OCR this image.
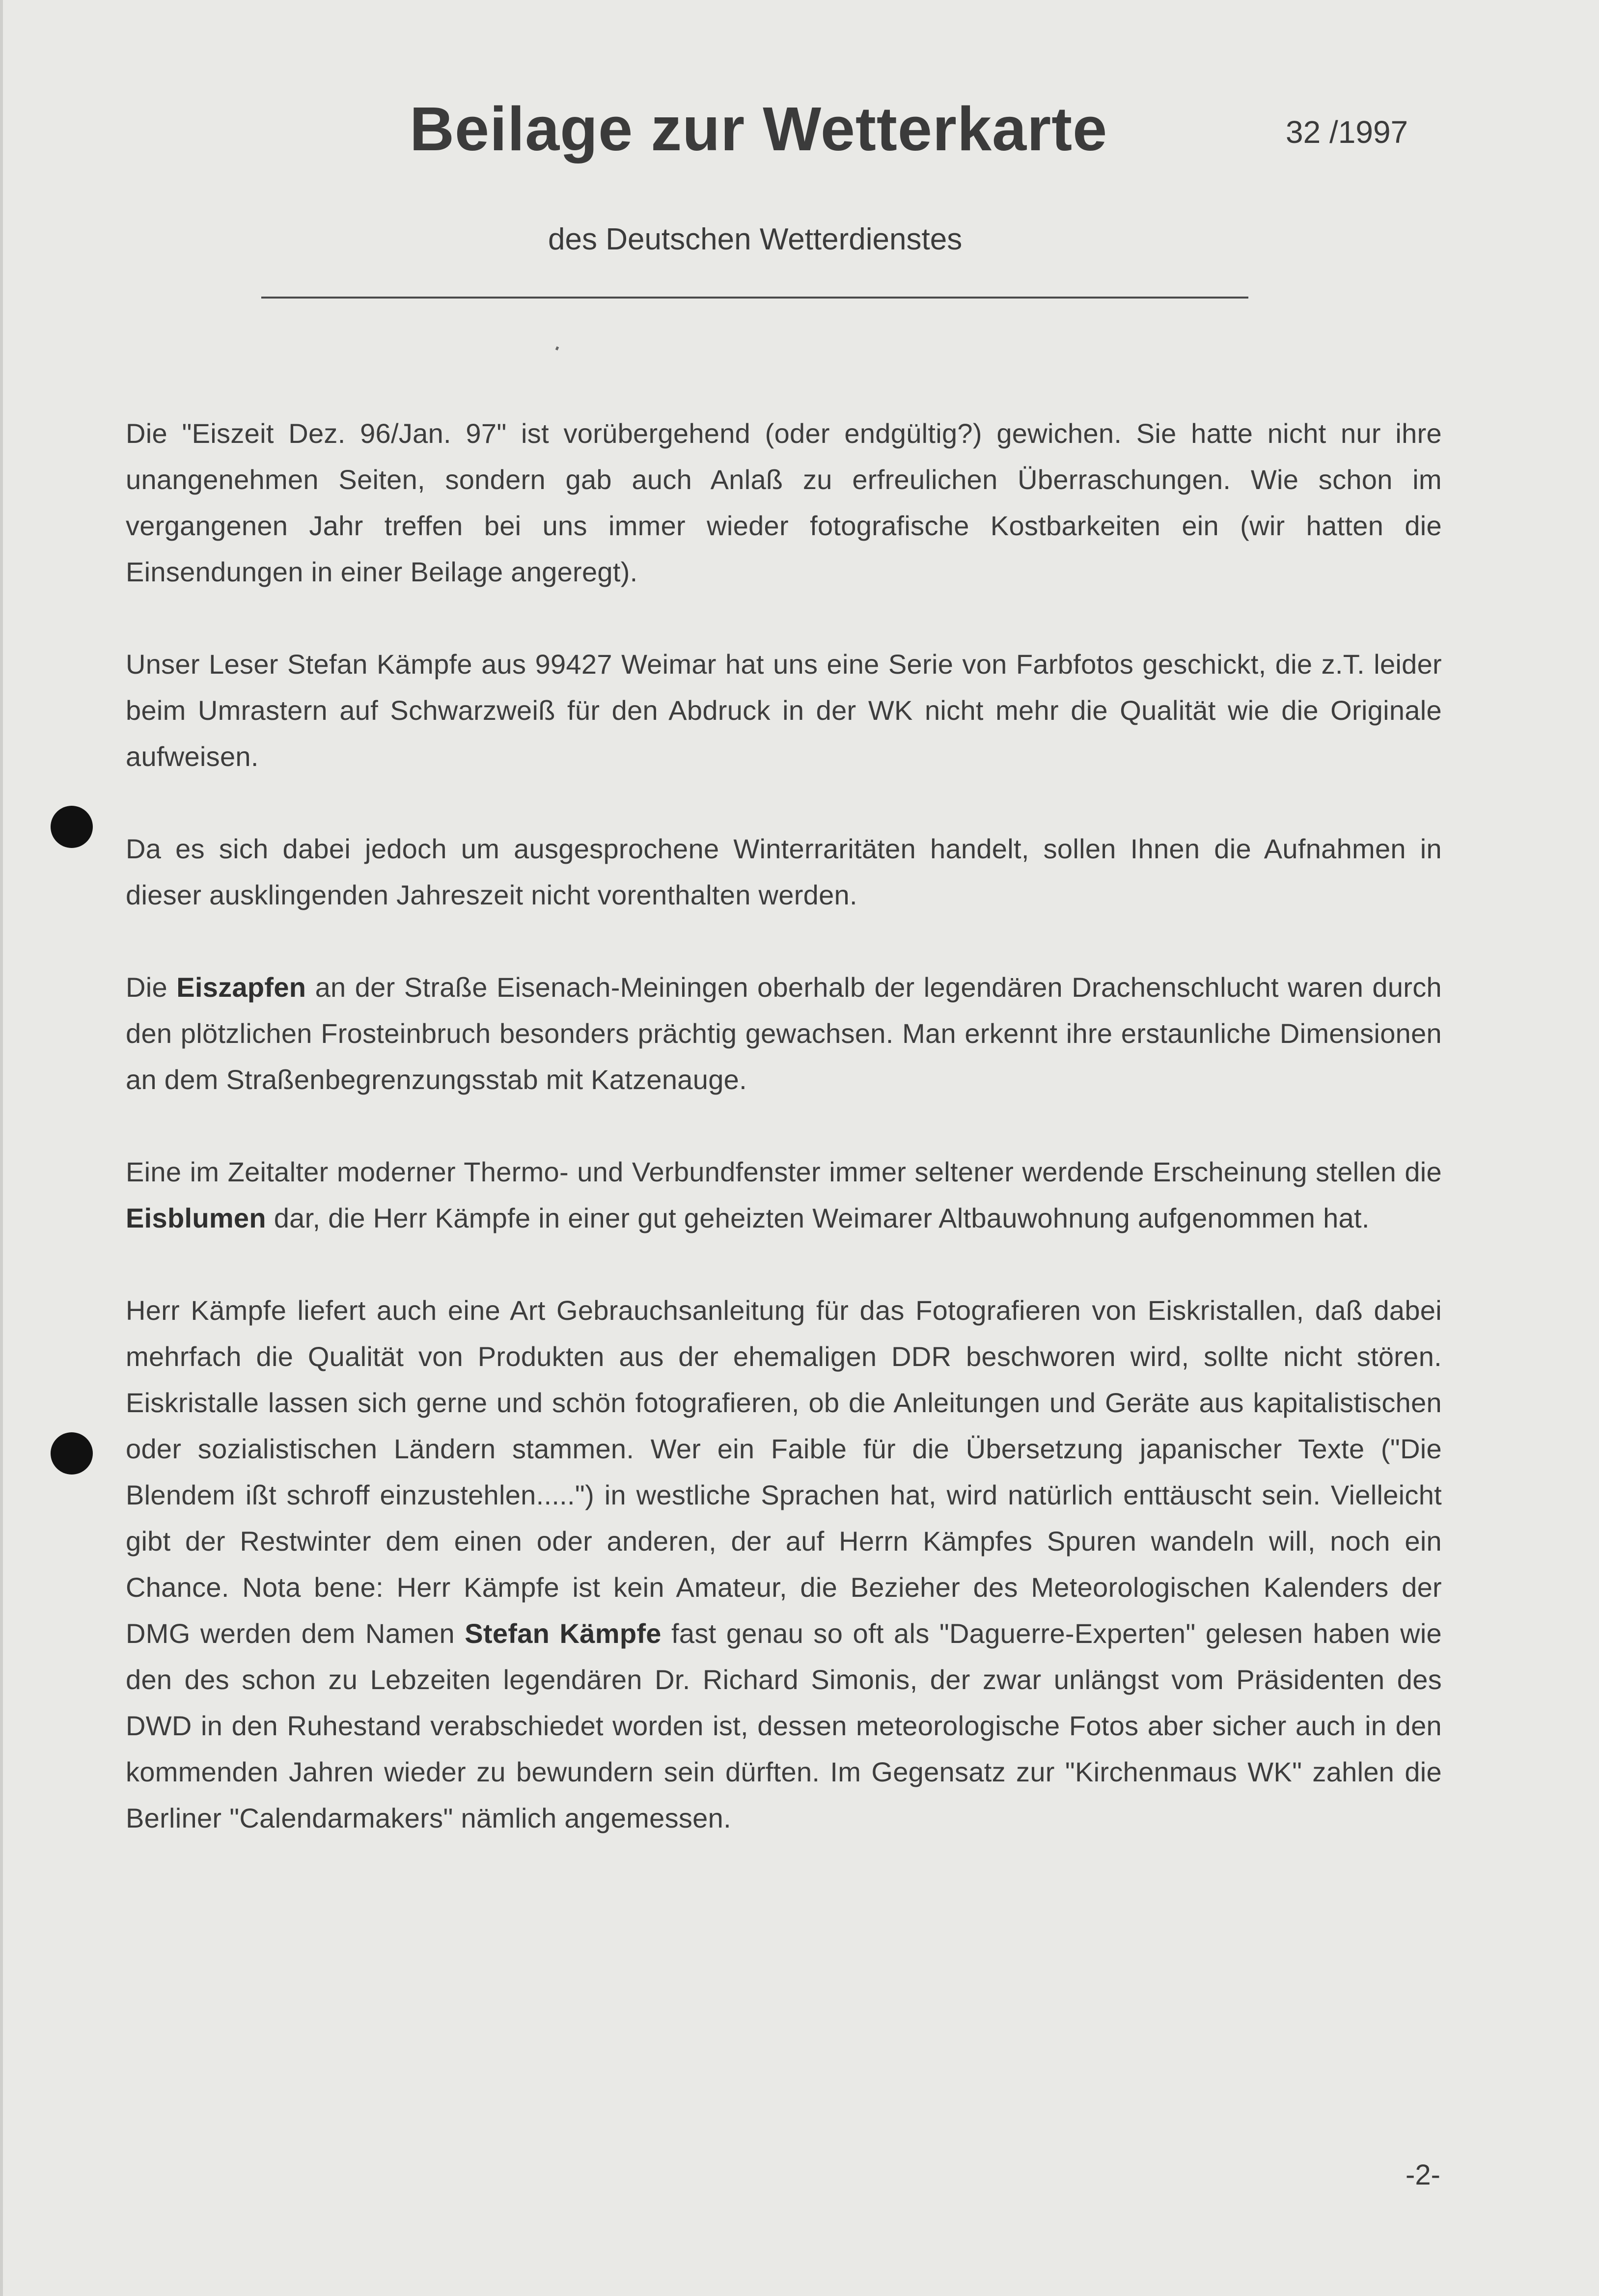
Beilage zur Wetterkarte	32 /1997
des Deutschen Wetterdienstes

Die "Eiszeit Dez. 96/Jan. 97" ist vorübergehend (oder endgültig?) gewichen. Sie hatte nicht nur ihre unangenehmen Seiten, sondern gab auch Anlaß zu erfreulichen Überraschungen. Wie schon im vergangenen Jahr treffen bei uns immer wieder fotografische Kostbarkeiten ein (wir hatten die Einsendungen in einer Beilage angeregt).

Unser Leser Stefan Kämpfe aus 99427 Weimar hat uns eine Serie von Farbfotos geschickt, die z.T. leider beim Umrastern auf Schwarzweiß für den Abdruck in der WK nicht mehr die Qualität wie die Originale aufweisen.

Da es sich dabei jedoch um ausgesprochene Winterraritäten handelt, sollen Ihnen die Aufnahmen in dieser ausklingenden Jahreszeit nicht vorenthalten werden.

Die Eiszapfen an der Straße Eisenach-Meiningen oberhalb der legendären Drachenschlucht waren durch den plötzlichen Frosteinbruch besonders prächtig gewachsen. Man erkennt ihre erstaunliche Dimensionen an dem Straßenbegrenzungsstab mit Katzenauge.

Eine im Zeitalter moderner Thermo- und Verbundfenster immer seltener werdende Erscheinung stellen die Eisblumen dar, die Herr Kämpfe in einer gut geheizten Weimarer Altbauwohnung aufgenommen hat.

Herr Kämpfe liefert auch eine Art Gebrauchsanleitung für das Fotografieren von Eiskristallen, daß dabei mehrfach die Qualität von Produkten aus der ehemaligen DDR beschworen wird, sollte nicht stören. Eiskristalle lassen sich gerne und schön fotografieren, ob die Anleitungen und Geräte aus kapitalistischen oder sozialistischen Ländern stammen. Wer ein Faible für die Übersetzung japanischer Texte ("Die Blendem ißt schroff einzustehlen.....") in westliche Sprachen hat, wird natürlich enttäuscht sein. Vielleicht gibt der Restwinter dem einen oder anderen, der auf Herrn Kämpfes Spuren wandeln will, noch ein Chance. Nota bene: Herr Kämpfe ist kein Amateur, die Bezieher des Meteorologischen Kalenders der DMG werden dem Namen Stefan Kämpfe fast genau so oft als "Daguerre-Experten" gelesen haben wie den des schon zu Lebzeiten legendären Dr. Richard Simonis, der zwar unlängst vom Präsidenten des DWD in den Ruhestand verabschiedet worden ist, dessen meteorologische Fotos aber sicher auch in den kommenden Jahren wieder zu bewundern sein dürften. Im Gegensatz zur "Kirchenmaus WK" zahlen die Berliner "Calendarmakers" nämlich angemessen.

-2-
